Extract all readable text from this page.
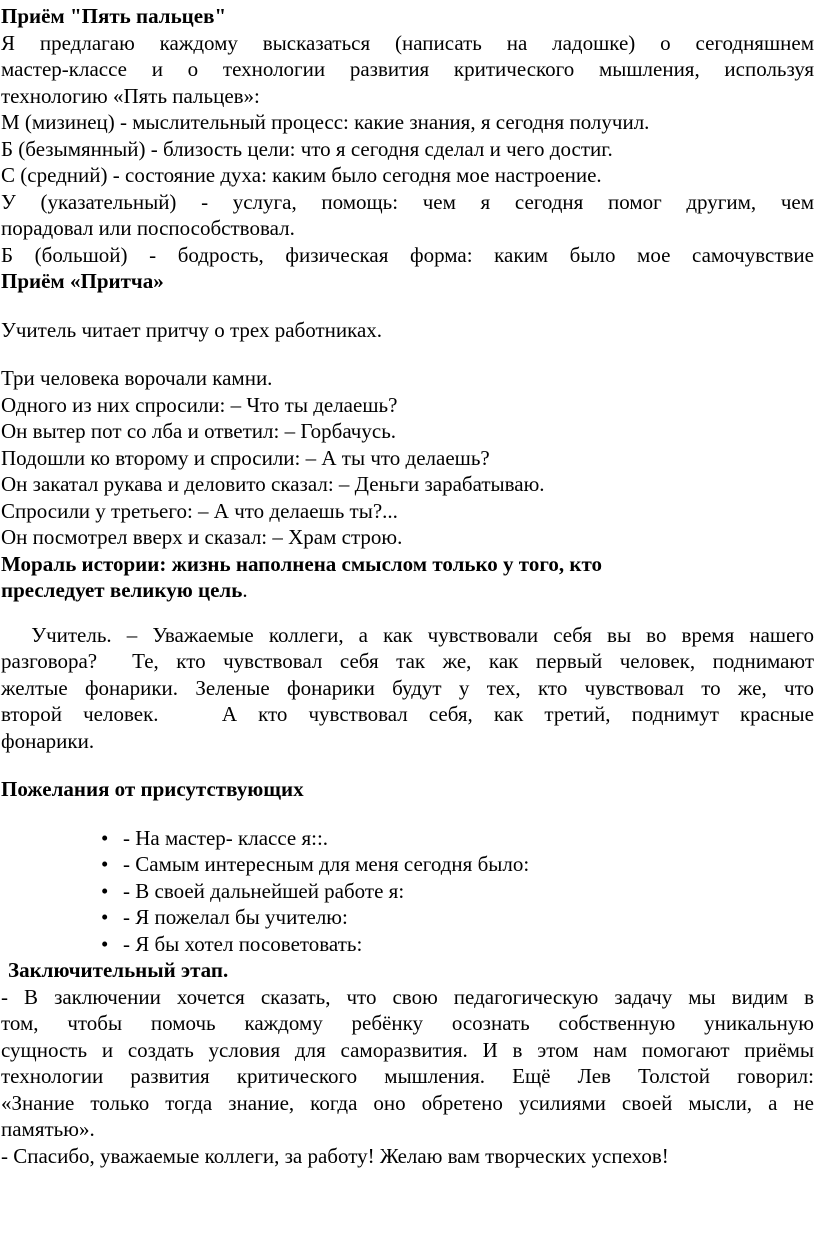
Приём "Пять пальцев"

Я предлагаю каждому высказаться (написать на ладошке) о сегодняшнем

мастер-классе и о технологии развития критического мышления, используя

технологию «Пять пальцев»:

М (мизинец) - мыслительный процесс: какие знания, я сегодня получил.

Б (безымянный) - близость цели: что я сегодня сделал и чего достиг.

С (средний) - состояние духа: каким было сегодня мое настроение.

У (указательный) - услуга, помощь: чем я сегодня помог другим, чем

порадовал или поспособствовал.

Б (большой) - бодрость, физическая форма: каким было мое самочувствие

Приём «Притча»

Учитель читает притчу о трех работниках.

Три человека ворочали камни.

Одного из них спросили: – Что ты делаешь?

Он вытер пот со лба и ответил: – Горбачусь.

Подошли ко второму и спросили: – А ты что делаешь?

Он закатал рукава и деловито сказал: – Деньги зарабатываю.

Спросили у третьего: – А что делаешь ты?...

Он посмотрел вверх и сказал: – Храм строю.

Мораль истории: жизнь наполнена смыслом только у того, кто

преследует великую цель.

Учитель. – Уважаемые коллеги, а как чувствовали себя вы во время нашего

разговора?  Те, кто чувствовал себя так же, как первый человек, поднимают

желтые фонарики. Зеленые фонарики будут у тех, кто чувствовал то же, что

второй человек.   А кто чувствовал себя, как третий, поднимут красные

фонарики.

Пожелания от присутствующих

• - На мастер- классе я::.
• - Самым интересным для меня сегодня было:
• - В своей дальнейшей работе я:
• - Я пожелал бы учителю:
• - Я бы хотел посоветовать:

Заключительный этап.

- В заключении хочется сказать, что свою педагогическую задачу мы видим в

том, чтобы помочь каждому ребёнку осознать собственную уникальную

сущность и создать условия для саморазвития. И в этом нам помогают приёмы

технологии развития критического мышления. Ещё Лев Толстой говорил:

«Знание только тогда знание, когда оно обретено усилиями своей мысли, а не

памятью».

- Спасибо, уважаемые коллеги, за работу! Желаю вам творческих успехов!
